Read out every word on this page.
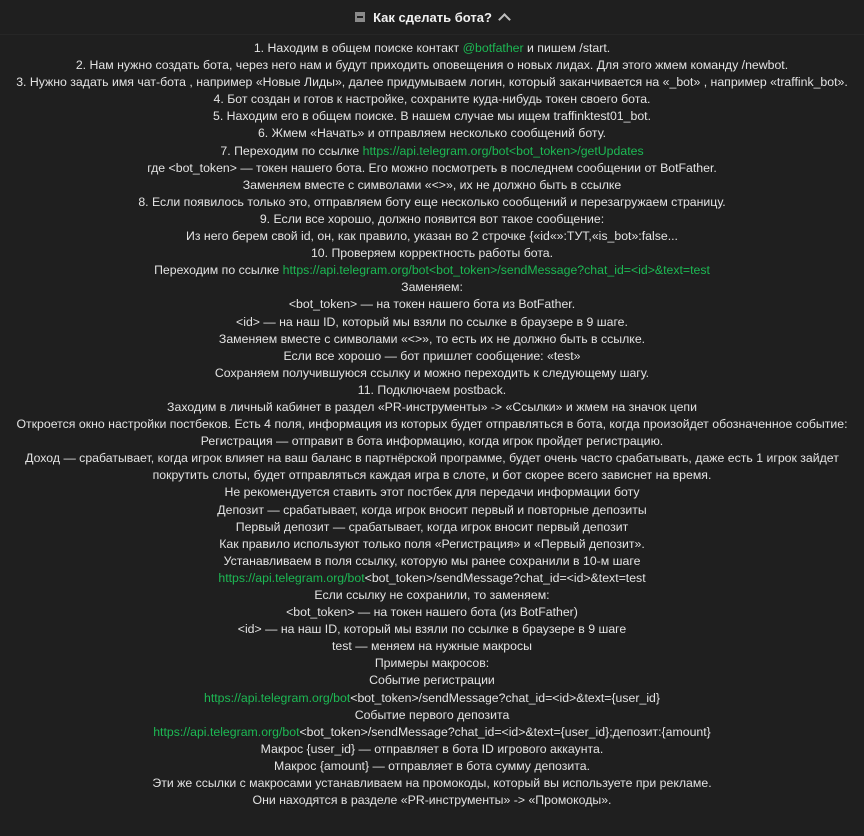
Как сделать бота?
1. Находим в общем поиске контакт @botfather и пишем /start.
2. Нам нужно создать бота, через него нам и будут приходить оповещения о новых лидах. Для этого жмем команду /newbot.
3. Нужно задать имя чат-бота , например «Новые Лиды», далее придумываем логин, который заканчивается на «_bot» , например «traffink_bot».
4. Бот создан и готов к настройке, сохраните куда-нибудь токен своего бота.
5. Находим его в общем поиске. В нашем случае мы ищем traffinktest01_bot.
6. Жмем «Начать» и отправляем несколько сообщений боту.
7. Переходим по ссылке https://api.telegram.org/bot<bot_token>/getUpdates
где <bot_token> — токен нашего бота. Его можно посмотреть в последнем сообщении от BotFather.
Заменяем вместе с символами «<>», их не должно быть в ссылке
8. Если появилось только это, отправляем боту еще несколько сообщений и перезагружаем страницу.
9. Если все хорошо, должно появится вот такое сообщение:
Из него берем свой id, он, как правило, указан во 2 строчке {«id«»:ТУТ,«is_bot»:false...
10. Проверяем корректность работы бота.
Переходим по ссылке https://api.telegram.org/bot<bot_token>/sendMessage?chat_id=<id>&text=test
Заменяем:
<bot_token> — на токен нашего бота из BotFather.
<id> — на наш ID, который мы взяли по ссылке в браузере в 9 шаге.
Заменяем вместе с символами «<>», то есть их не должно быть в ссылке.
Если все хорошо — бот пришлет сообщение: «test»
Сохраняем получившуюся ссылку и можно переходить к следующему шагу.
11. Подключаем postback.
Заходим в личный кабинет в раздел «PR-инструменты» -> «Ссылки» и жмем на значок цепи
Откроется окно настройки постбеков. Есть 4 поля, информация из которых будет отправляться в бота, когда произойдет обозначенное событие:
Регистрация — отправит в бота информацию, когда игрок пройдет регистрацию.
Доход — срабатывает, когда игрок влияет на ваш баланс в партнёрской программе, будет очень часто срабатывать, даже есть 1 игрок зайдет покрутить слоты, будет отправляться каждая игра в слоте, и бот скорее всего зависнет на время.
Не рекомендуется ставить этот постбек для передачи информации боту
Депозит — срабатывает, когда игрок вносит первый и повторные депозиты
Первый депозит — срабатывает, когда игрок вносит первый депозит
Как правило используют только поля «Регистрация» и «Первый депозит».
Устанавливаем в поля ссылку, которую мы ранее сохранили в 10-м шаге
https://api.telegram.org/bot<bot_token>/sendMessage?chat_id=<id>&text=test
Если ссылку не сохранили, то заменяем:
<bot_token> — на токен нашего бота (из BotFather)
<id> — на наш ID, который мы взяли по ссылке в браузере в 9 шаге
test — меняем на нужные макросы
Примеры макросов:
Событие регистрации
https://api.telegram.org/bot<bot_token>/sendMessage?chat_id=<id>&text={user_id}
Событие первого депозита
https://api.telegram.org/bot<bot_token>/sendMessage?chat_id=<id>&text={user_id};депозит:{amount}
Макрос {user_id} — отправляет в бота ID игрового аккаунта.
Макрос {amount} — отправляет в бота сумму депозита.
Эти же ссылки с макросами устанавливаем на промокоды, который вы используете при рекламе.
Они находятся в разделе «PR-инструменты» -> «Промокоды».
